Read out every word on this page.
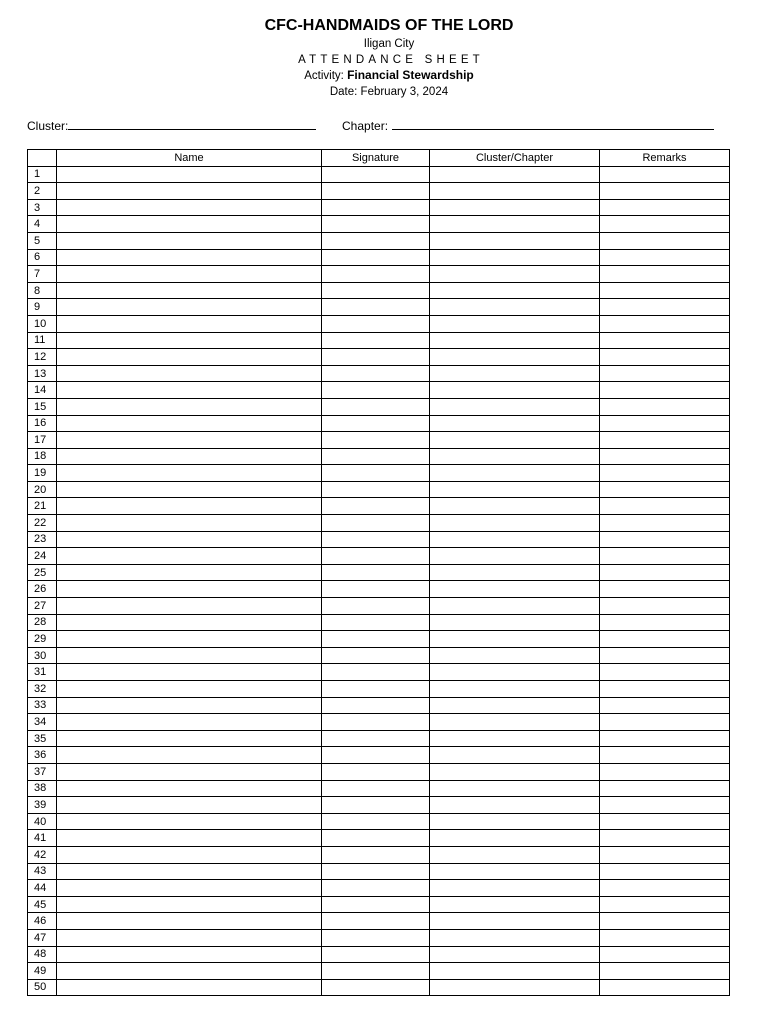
CFC-HANDMAIDS OF THE LORD
Iligan City
ATTENDANCE SHEET
Activity: Financial Stewardship
Date: February 3, 2024
Cluster:	Chapter:
	Name	Signature	Cluster/Chapter	Remarks
1				
2				
3				
4				
5				
6				
7				
8				
9				
10				
11				
12				
13				
14				
15				
16				
17				
18				
19				
20				
21				
22				
23				
24				
25				
26				
27				
28				
29				
30				
31				
32				
33				
34				
35				
36				
37				
38				
39				
40				
41				
42				
43				
44				
45				
46				
47				
48				
49				
50				
